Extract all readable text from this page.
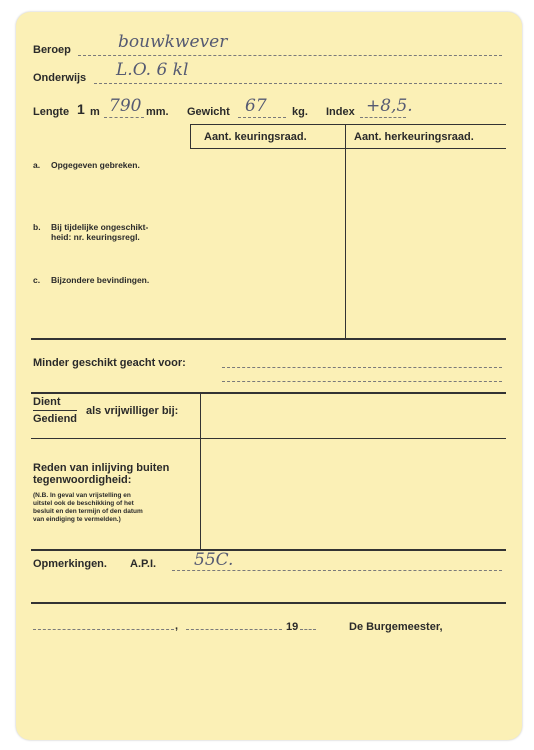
Beroep	bouwkwever
Onderwijs L.O. 6 kl
Lengte 1 m 790 mm. Gewicht 67 kg. Index +8,5.
Aant. keuringsraad.	Aant. herkeuringsraad.
a. Opgegeven gebreken.
b. Bij tijdelijke ongeschikt-
heid: nr. keuringsregl.
c. Bijzondere bevindingen.
Minder geschikt geacht voor:
Dient
Gediend
als vrijwilliger bij:
Reden van inlijving buiten
tegenwoordigheid:
(N.B. In geval van vrijstelling en
uitstel ook de beschikking of het
besluit en den termijn of den datum
van eindiging te vermelden.)
Opmerkingen. A.P.I. 55C.
,	19	De Burgemeester,
